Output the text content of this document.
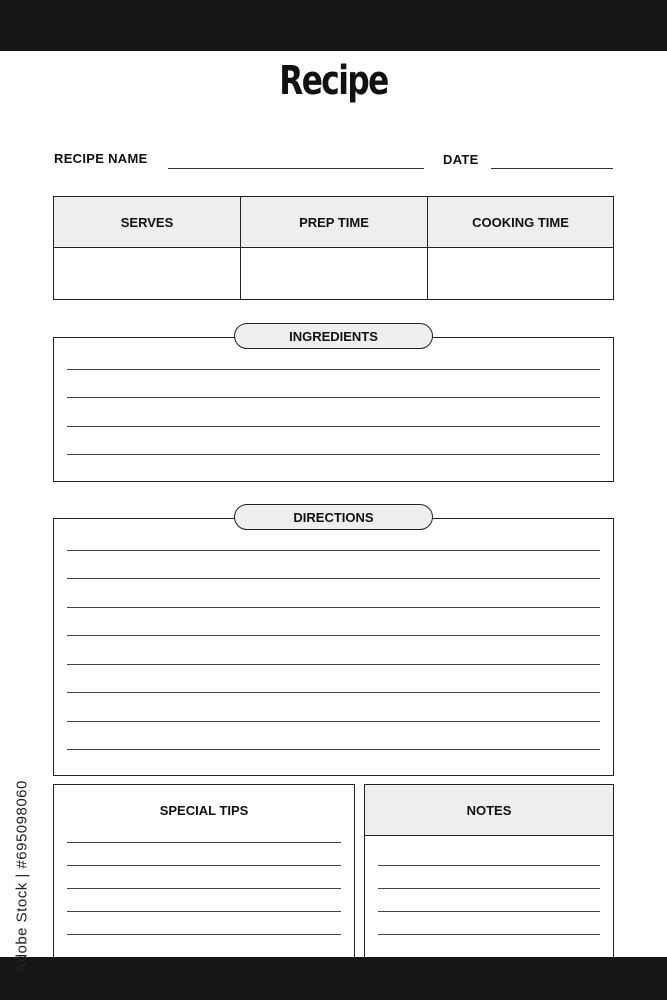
Recipe
RECIPE NAME	DATE
SERVES	PREP TIME	COOKING TIME
INGREDIENTS
DIRECTIONS
SPECIAL TIPS	NOTES
Adobe Stock | #695098060
